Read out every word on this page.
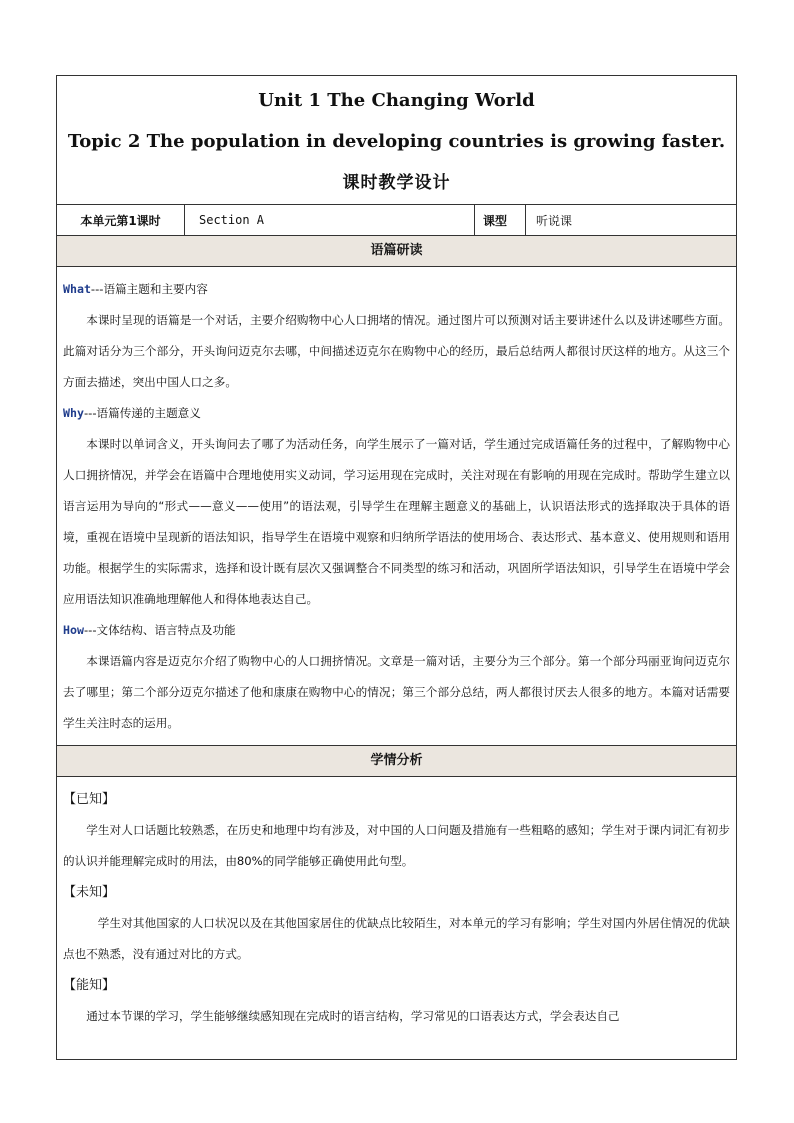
Unit 1 The Changing World
Topic 2 The population in developing countries is growing faster.
课时教学设计
本单元第1课时	Section A	课型	听说课
语篇研读
What---语篇主题和主要内容

本课时呈现的语篇是一个对话，主要介绍购物中心人口拥堵的情况。通过图片可以预测对话主要讲述什么以及讲述哪些方面。此篇对话分为三个部分，开头询问迈克尔去哪，中间描述迈克尔在购物中心的经历，最后总结两人都很讨厌这样的地方。从这三个方面去描述，突出中国人口之多。

Why---语篇传递的主题意义

本课时以单词含义，开头询问去了哪了为活动任务，向学生展示了一篇对话，学生通过完成语篇任务的过程中，了解购物中心人口拥挤情况，并学会在语篇中合理地使用实义动词，学习运用现在完成时，关注对现在有影响的用现在完成时。帮助学生建立以语言运用为导向的“形式——意义——使用”的语法观，引导学生在理解主题意义的基础上，认识语法形式的选择取决于具体的语境，重视在语境中呈现新的语法知识，指导学生在语境中观察和归纳所学语法的使用场合、表达形式、基本意义、使用规则和语用功能。根据学生的实际需求，选择和设计既有层次又强调整合不同类型的练习和活动，巩固所学语法知识，引导学生在语境中学会应用语法知识准确地理解他人和得体地表达自己。

How---文体结构、语言特点及功能

本课语篇内容是迈克尔介绍了购物中心的人口拥挤情况。文章是一篇对话，主要分为三个部分。第一个部分玛丽亚询问迈克尔去了哪里；第二个部分迈克尔描述了他和康康在购物中心的情况；第三个部分总结，两人都很讨厌去人很多的地方。本篇对话需要学生关注时态的运用。

学情分析

【已知】

学生对人口话题比较熟悉，在历史和地理中均有涉及，对中国的人口问题及措施有一些粗略的感知；学生对于课内词汇有初步的认识并能理解完成时的用法，由80%的同学能够正确使用此句型。

【未知】

学生对其他国家的人口状况以及在其他国家居住的优缺点比较陌生，对本单元的学习有影响；学生对国内外居住情况的优缺点也不熟悉，没有通过对比的方式。

【能知】

通过本节课的学习，学生能够继续感知现在完成时的语言结构，学习常见的口语表达方式，学会表达自己
